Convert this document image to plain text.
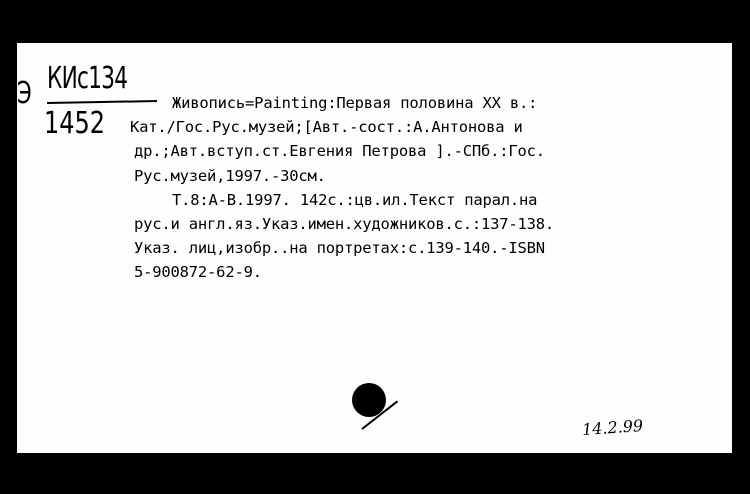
Э КИс134
1452
Живопись=Painting:Первая половина XX в.:
Кат./Гос.Рус.музей;[Авт.-сост.:А.Антонова и
др.;Авт.вступ.ст.Евгения Петрова ].-СПб.:Гос.
Рус.музей,1997.-30см.
Т.8:А-В.1997. 142с.:цв.ил.Текст парал.на
рус.и англ.яз.Указ.имен.художников.с.:137-138.
Указ. лиц,изобр..на портретах:с.139-140.-ISBN
5-900872-62-9.
14.2.99
